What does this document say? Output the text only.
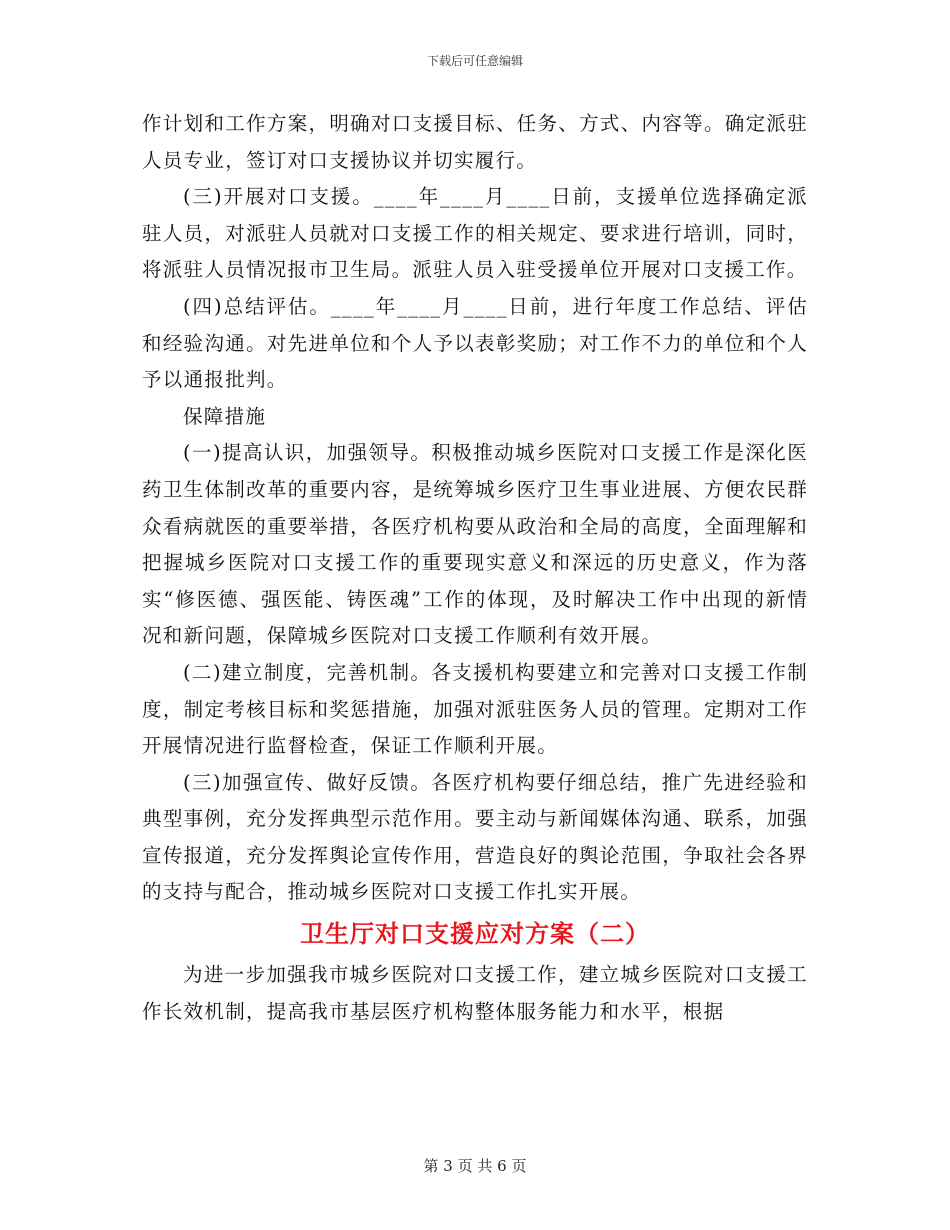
下载后可任意编辑

作计划和工作方案，明确对口支援目标、任务、方式、内容等。确定派驻人员专业，签订对口支援协议并切实履行。

(三)开展对口支援。____年____月____日前，支援单位选择确定派驻人员，对派驻人员就对口支援工作的相关规定、要求进行培训，同时，将派驻人员情况报市卫生局。派驻人员入驻受援单位开展对口支援工作。

(四)总结评估。____年____月____日前，进行年度工作总结、评估和经验沟通。对先进单位和个人予以表彰奖励；对工作不力的单位和个人予以通报批判。

保障措施

(一)提高认识，加强领导。积极推动城乡医院对口支援工作是深化医药卫生体制改革的重要内容，是统筹城乡医疗卫生事业进展、方便农民群众看病就医的重要举措，各医疗机构要从政治和全局的高度，全面理解和把握城乡医院对口支援工作的重要现实意义和深远的历史意义，作为落实“修医德、强医能、铸医魂”工作的体现，及时解决工作中出现的新情况和新问题，保障城乡医院对口支援工作顺利有效开展。

(二)建立制度，完善机制。各支援机构要建立和完善对口支援工作制度，制定考核目标和奖惩措施，加强对派驻医务人员的管理。定期对工作开展情况进行监督检查，保证工作顺利开展。

(三)加强宣传、做好反馈。各医疗机构要仔细总结，推广先进经验和典型事例，充分发挥典型示范作用。要主动与新闻媒体沟通、联系，加强宣传报道，充分发挥舆论宣传作用，营造良好的舆论范围，争取社会各界的支持与配合，推动城乡医院对口支援工作扎实开展。

卫生厅对口支援应对方案（二）

为进一步加强我市城乡医院对口支援工作，建立城乡医院对口支援工作长效机制，提高我市基层医疗机构整体服务能力和水平，根据

第 3 页 共 6 页
